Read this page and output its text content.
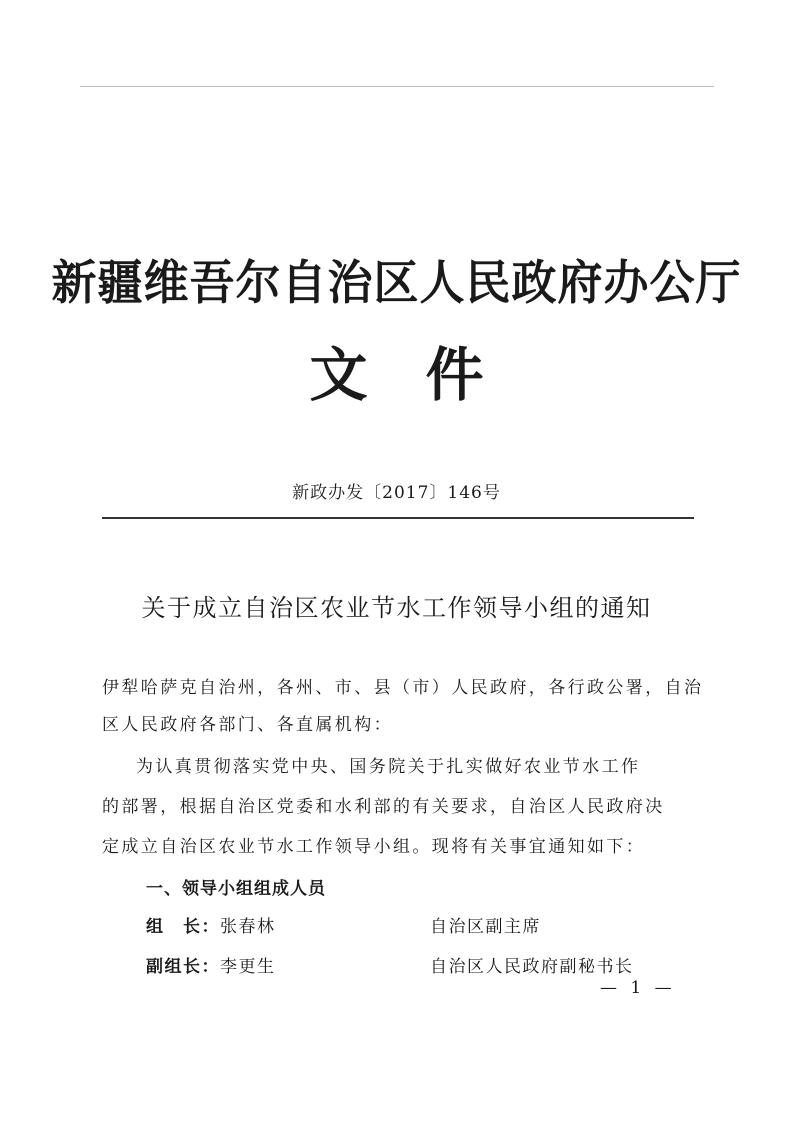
新疆维吾尔自治区人民政府办公厅
文件
新政办发〔2017〕146号
关于成立自治区农业节水工作领导小组的通知
伊犁哈萨克自治州，各州、市、县（市）人民政府，各行政公署，自治
区人民政府各部门、各直属机构：
为认真贯彻落实党中央、国务院关于扎实做好农业节水工作
的部署，根据自治区党委和水利部的有关要求，自治区人民政府决
定成立自治区农业节水工作领导小组。现将有关事宜通知如下：
一、领导小组组成人员
组　长：张春林	自治区副主席
副组长：李更生	自治区人民政府副秘书长
— 1 —
